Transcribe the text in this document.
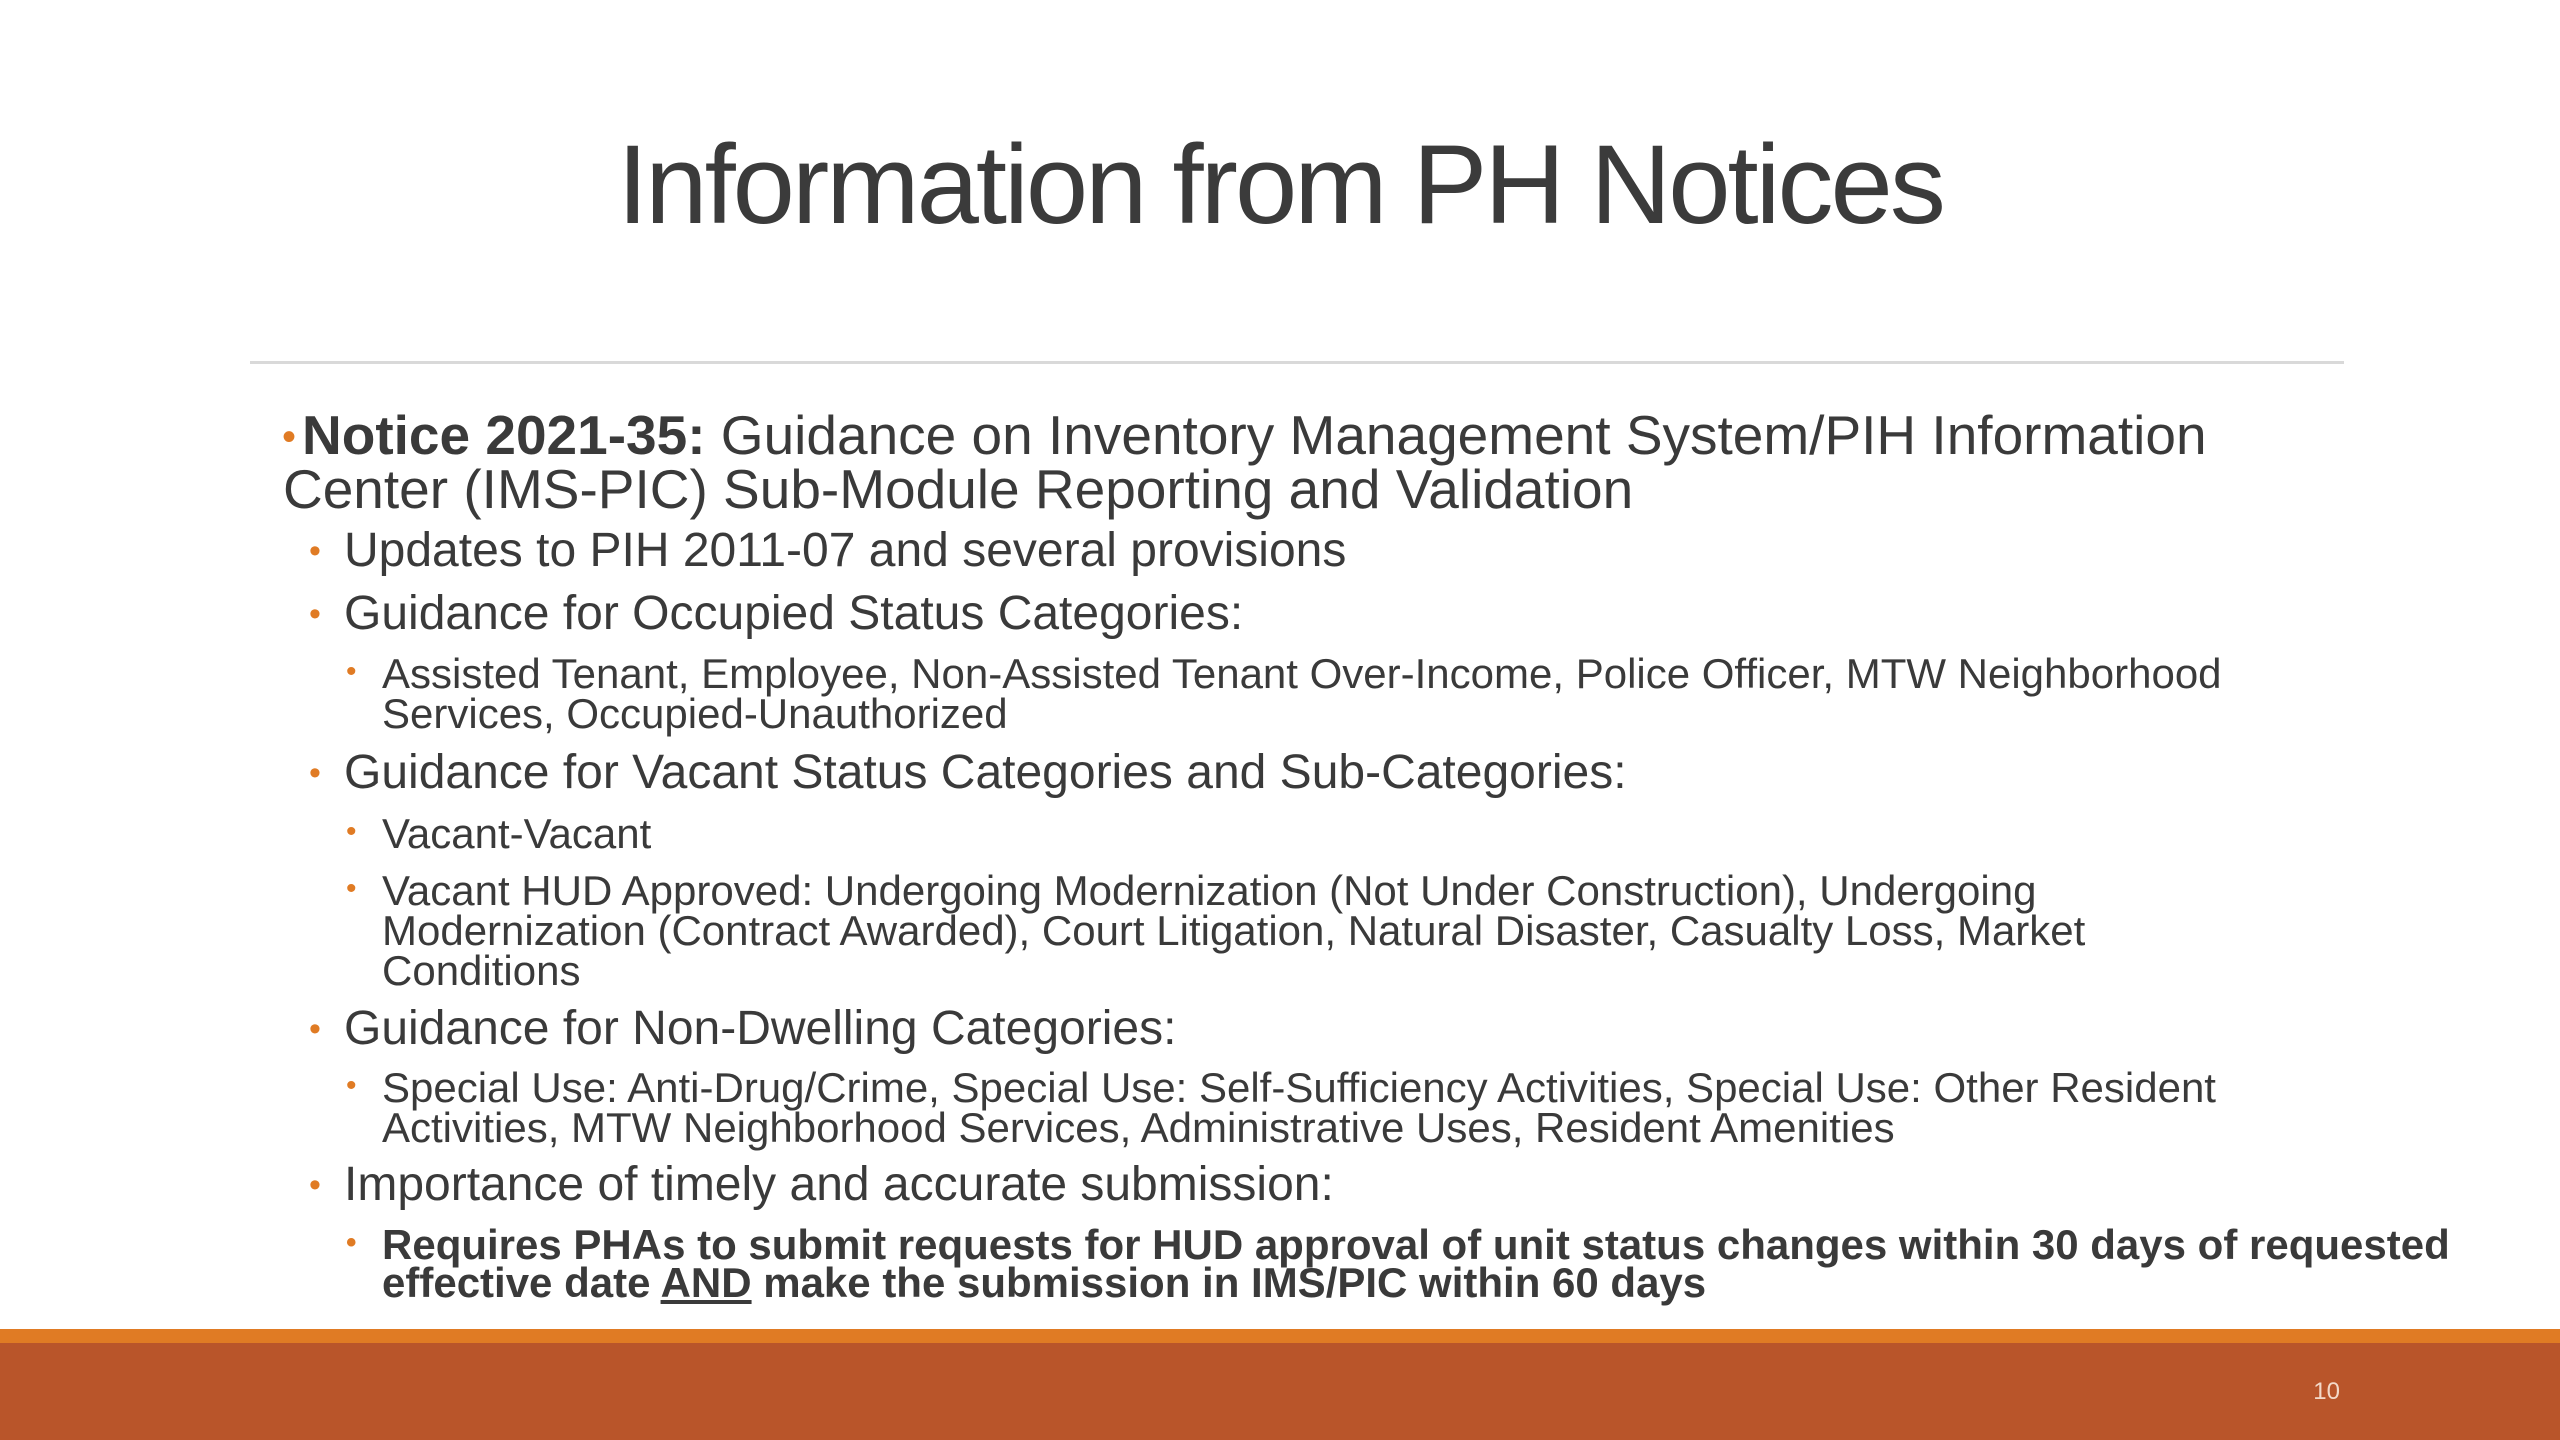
Information from PH Notices
• Notice 2021-35: Guidance on Inventory Management System/PIH Information
Center (IMS-PIC) Sub-Module Reporting and Validation
• Updates to PIH 2011-07 and several provisions
• Guidance for Occupied Status Categories:
• Assisted Tenant, Employee, Non-Assisted Tenant Over-Income, Police Officer, MTW Neighborhood
Services, Occupied-Unauthorized
• Guidance for Vacant Status Categories and Sub-Categories:
• Vacant-Vacant
• Vacant HUD Approved: Undergoing Modernization (Not Under Construction), Undergoing
Modernization (Contract Awarded), Court Litigation, Natural Disaster, Casualty Loss, Market
Conditions
• Guidance for Non-Dwelling Categories:
• Special Use: Anti-Drug/Crime, Special Use: Self-Sufficiency Activities, Special Use: Other Resident
Activities, MTW Neighborhood Services, Administrative Uses, Resident Amenities
• Importance of timely and accurate submission:
• Requires PHAs to submit requests for HUD approval of unit status changes within 30 days of requested
effective date AND make the submission in IMS/PIC within 60 days
10
